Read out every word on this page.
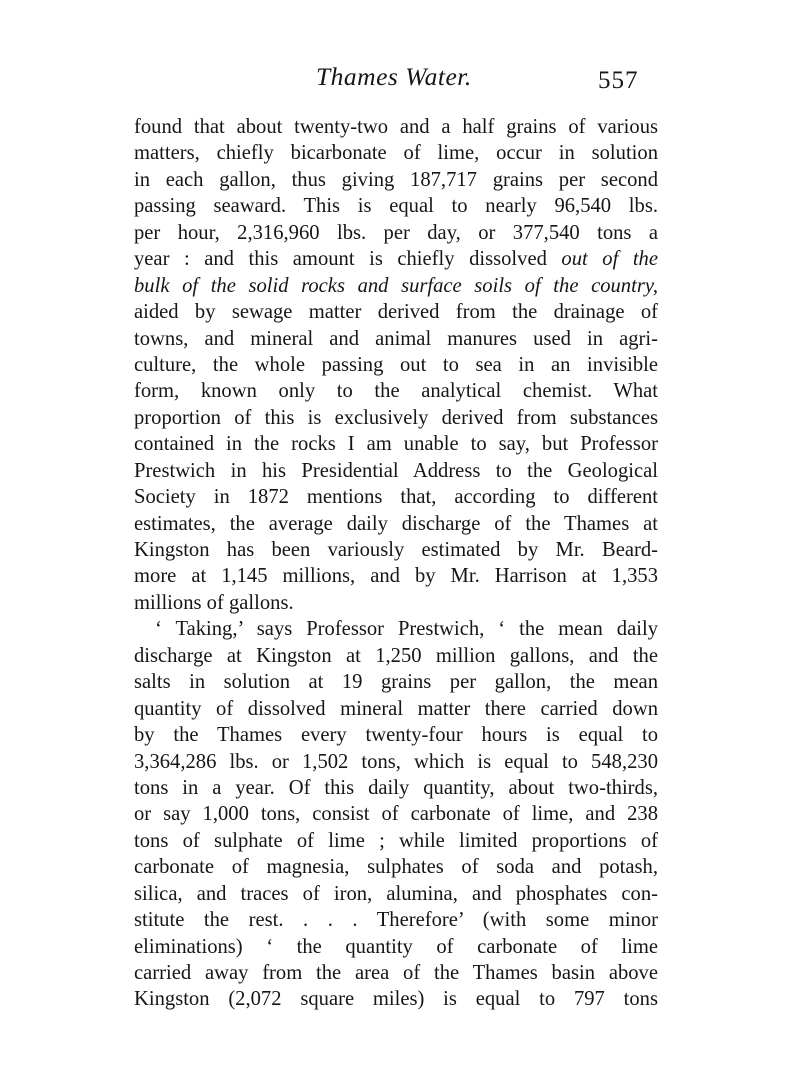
Thames Water.	557
found that about twenty-two and a half grains of various
matters, chiefly bicarbonate of lime, occur in solution
in each gallon, thus giving 187,717 grains per second
passing seaward. This is equal to nearly 96,540 lbs.
per hour, 2,316,960 lbs. per day, or 377,540 tons a
year : and this amount is chiefly dissolved out of the
bulk of the solid rocks and surface soils of the country,
aided by sewage matter derived from the drainage of
towns, and mineral and animal manures used in agri-
culture, the whole passing out to sea in an invisible
form, known only to the analytical chemist. What
proportion of this is exclusively derived from substances
contained in the rocks I am unable to say, but Professor
Prestwich in his Presidential Address to the Geological
Society in 1872 mentions that, according to different
estimates, the average daily discharge of the Thames at
Kingston has been variously estimated by Mr. Beard-
more at 1,145 millions, and by Mr. Harrison at 1,353
millions of gallons.
‘ Taking,’ says Professor Prestwich, ‘ the mean daily
discharge at Kingston at 1,250 million gallons, and the
salts in solution at 19 grains per gallon, the mean
quantity of dissolved mineral matter there carried down
by the Thames every twenty-four hours is equal to
3,364,286 lbs. or 1,502 tons, which is equal to 548,230
tons in a year. Of this daily quantity, about two-thirds,
or say 1,000 tons, consist of carbonate of lime, and 238
tons of sulphate of lime ; while limited proportions of
carbonate of magnesia, sulphates of soda and potash,
silica, and traces of iron, alumina, and phosphates con-
stitute the rest. . . . Therefore’ (with some minor
eliminations) ‘ the quantity of carbonate of lime
carried away from the area of the Thames basin above
Kingston (2,072 square miles) is equal to 797 tons
